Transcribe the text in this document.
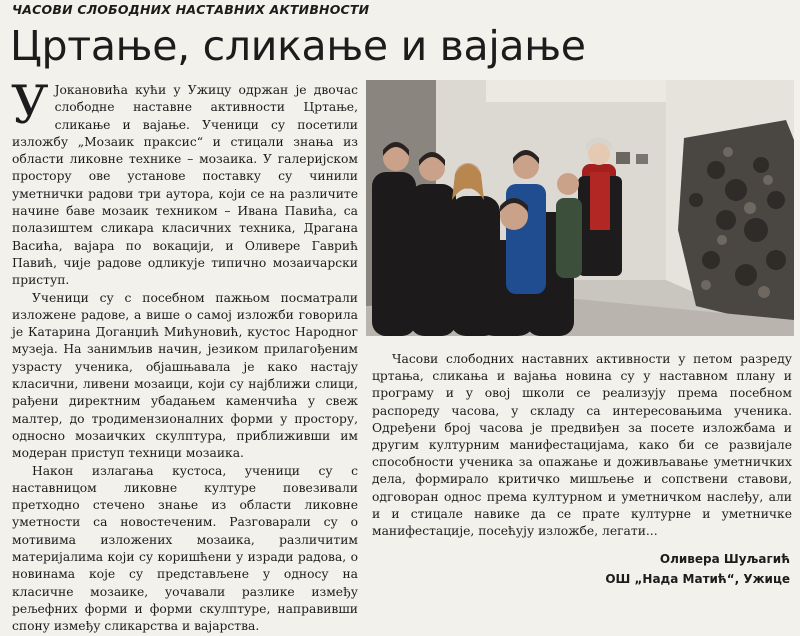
ЧАСОВИ СЛОБОДНИХ НАСТАВНИХ АКТИВНОСТИ
Цртање, сликање и вајање

У Јокановића кући у Ужицу одржан је двочас слободне наставне активности Цртање, сликање и вајање. Ученици су посетили изложбу „Мозаик праксис“ и стицали знања из области ликовне технике – мозаика. У галеријском простору ове установе поставку су чинили уметнички радови три аутора, који се на различите начине баве мозаик техником – Ивана Павића, са полазиштем сликара класичних техника, Драгана Васића, вајара по вокацији, и Оливере Гаврић Павић, чије радове одликује типично мозаичарски приступ.

Ученици су с посебном пажњом посматрали изложене радове, а више о самој изложби говорила је Катарина Доганџић Мићуновић, кустос Народног музеја. На занимљив начин, језиком прилагођеним узрасту ученика, објашњавала је како настају класични, ливени мозаици, који су најближи слици, рађени директним убадањем каменчића у свеж малтер, до тродимензионалних форми у простору, односно мозаичких скулптура, приближивши им модеран приступ техници мозаика.

Након излагања кустоса, ученици су с наставницом ликовне културе повезивали претходно стечено знање из области ликовне уметности са новостеченим. Разговарали су о мотивима изложених мозаика, различитим материјалима који су коришћени у изради радова, о новинама које су представљене у односу на класичне мозаике, уочавали разлике између рељефних форми и форми скулптуре, направивши спону између сликарства и вајарства.

Часови слободних наставних активности у петом разреду цртања, сликања и вајања новина су у наставном плану и програму и у овој школи се реализују према посебном распореду часова, у складу са интересовањима ученика. Одређени број часова је предвиђен за посете изложбама и другим културним манифестацијама, како би се развијале способности ученика за опажање и доживљавање уметничких дела, формирало критичко мишљење и сопствени ставови, одговоран однос према културном и уметничком наслеђу, али и и стицале навике да се прате културне и уметничке манифестације, посећују изложбе, легати...

Оливера Шуљагић
ОШ „Нада Матић“, Ужице
